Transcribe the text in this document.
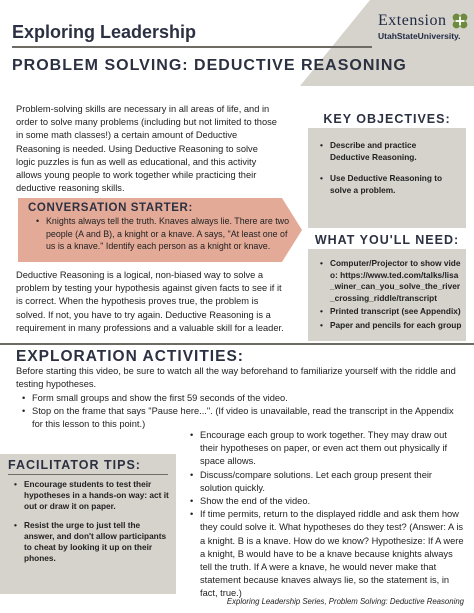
Exploring Leadership
PROBLEM SOLVING: DEDUCTIVE REASONING
Extension
UtahStateUniversity.

Problem-solving skills are necessary in all areas of life, and in order to solve many problems (including but not limited to those in some math classes!) a certain amount of Deductive Reasoning is needed. Using Deductive Reasoning to solve logic puzzles is fun as well as educational, and this activity allows young people to work together while practicing their deductive reasoning skills.

CONVERSATION STARTER:
• Knights always tell the truth. Knaves always lie. There are two people (A and B), a knight or a knave. A says, "At least one of us is a knave." Identify each person as a knight or knave.

Deductive Reasoning is a logical, non-biased way to solve a problem by testing your hypothesis against given facts to see if it is correct. When the hypothesis proves true, the problem is solved. If not, you have to try again. Deductive Reasoning is a requirement in many professions and a valuable skill for a leader.

KEY OBJECTIVES:
• Describe and practice Deductive Reasoning.
• Use Deductive Reasoning to solve a problem.
WHAT YOU'LL NEED:
• Computer/Projector to show video: https://www.ted.com/talks/lisa_winer_can_you_solve_the_river_crossing_riddle/transcript
• Printed transcript (see Appendix)
• Paper and pencils for each group
EXPLORATION ACTIVITIES:

Before starting this video, be sure to watch all the way beforehand to familiarize yourself with the riddle and testing hypotheses.

• Form small groups and show the first 59 seconds of the video.
• Stop on the frame that says "Pause here...". (If video is unavailable, read the transcript in the Appendix for this lesson to this point.)
FACILITATOR TIPS:
• Encourage students to test their hypotheses in a hands-on way: act it out or draw it on paper.
• Resist the urge to just tell the answer, and don't allow participants to cheat by looking it up on their phones.
• Encourage each group to work together. They may draw out their hypotheses on paper, or even act them out physically if space allows.
• Discuss/compare solutions. Let each group present their solution quickly.
• Show the end of the video.
• If time permits, return to the displayed riddle and ask them how they could solve it. What hypotheses do they test? (Answer: A is a knight. B is a knave. How do we know? Hypothesize: If A were a knight, B would have to be a knave because knights always tell the truth. If A were a knave, he would never make that statement because knaves always lie, so the statement is, in fact, true.)
Exploring Leadership Series, Problem Solving: Deductive Reasoning
